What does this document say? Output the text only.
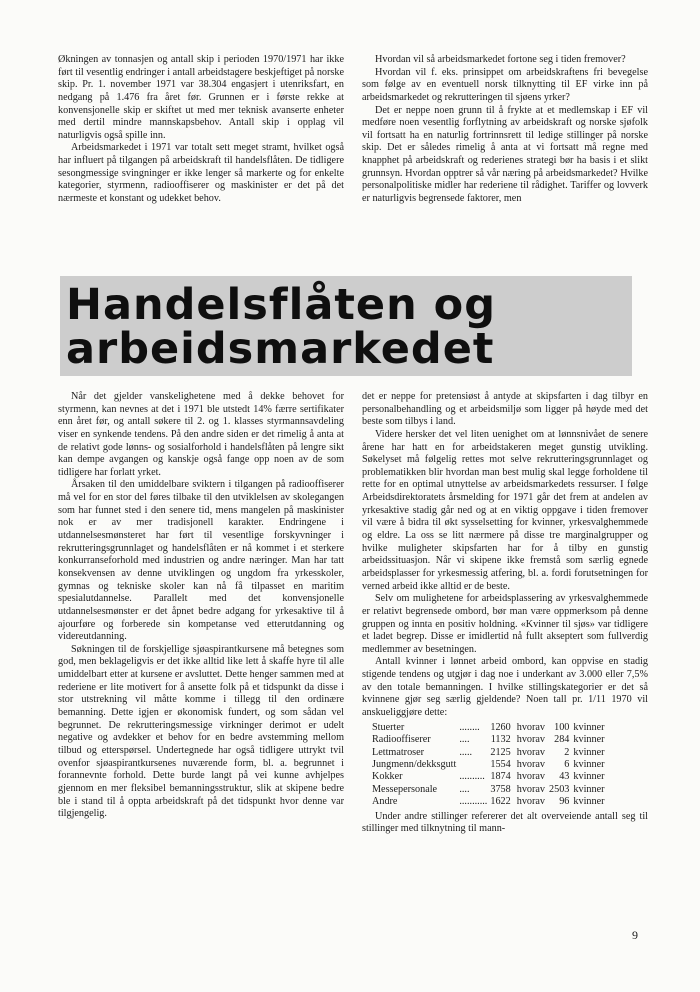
Økningen av tonnasjen og antall skip i perioden 1970/1971 har ikke ført til vesentlig endringer i antall arbeidstagere beskjeftiget på norske skip. Pr. 1. november 1971 var 38.304 engasjert i utenriksfart, en nedgang på 1.476 fra året før. Grunnen er i første rekke at konvensjonelle skip er skiftet ut med mer teknisk avanserte enheter med dertil mindre mannskapsbehov. Antall skip i opplag vil naturligvis også spille inn.

Arbeidsmarkedet i 1971 var totalt sett meget stramt, hvilket også har influert på tilgangen på arbeidskraft til handelsflåten. De tidligere sesongmessige svingninger er ikke lenger så markerte og for enkelte kategorier, styrmenn, radiooffiserer og maskinister er det på det nærmeste et konstant og udekket behov.

Hvordan vil så arbeidsmarkedet fortone seg i tiden fremover?

Hvordan vil f. eks. prinsippet om arbeidskraftens fri bevegelse som følge av en eventuell norsk tilknytting til EF virke inn på arbeidsmarkedet og rekrutteringen til sjøens yrker?

Det er neppe noen grunn til å frykte at et medlemskap i EF vil medføre noen vesentlig forflytning av arbeidskraft og norske sjøfolk vil fortsatt ha en naturlig fortrinnsrett til ledige stillinger på norske skip. Det er således rimelig å anta at vi fortsatt må regne med knapphet på arbeidskraft og rederienes strategi bør ha basis i et slikt grunnsyn. Hvordan opptrer så vår næring på arbeidsmarkedet? Hvilke personalpolitiske midler har rederiene til rådighet. Tariffer og lovverk er naturligvis begrensede faktorer, men

Handelsflåten og
arbeidsmarkedet

Når det gjelder vanskelighetene med å dekke behovet for styrmenn, kan nevnes at det i 1971 ble utstedt 14% færre sertifikater enn året før, og antall søkere til 2. og 1. klasses styrmannsavdeling viser en synkende tendens. På den andre siden er det rimelig å anta at de relativt gode lønns- og sosialforhold i handelsflåten på lengre sikt kan dempe avgangen og kanskje også fange opp noen av de som tidligere har forlatt yrket.

Årsaken til den umiddelbare sviktern i tilgangen på radiooffiserer må vel for en stor del føres tilbake til den utviklelsen av skolegangen som har funnet sted i den senere tid, mens mangelen på maskinister nok er av mer tradisjonell karakter. Endringene i utdannelsesmønsteret har ført til vesentlige forskyvninger i rekrutteringsgrunnlaget og handelsflåten er nå kommet i et sterkere konkurranseforhold med industrien og andre næringer. Man har tatt konsekvensen av denne utviklingen og ungdom fra yrkesskoler, gymnas og tekniske skoler kan nå få tilpasset en maritim spesialutdannelse. Parallelt med det konvensjonelle utdannelsesmønster er det åpnet bedre adgang for yrkesaktive til å ajourføre og forberede sin kompetanse ved etterutdanning og videreutdanning.

Søkningen til de forskjellige sjøaspirantkursene må betegnes som god, men beklageligvis er det ikke alltid like lett å skaffe hyre til alle umiddelbart etter at kursene er avsluttet. Dette henger sammen med at rederiene er lite motivert for å ansette folk på et tidspunkt da disse i stor utstrekning vil måtte komme i tillegg til den ordinære bemanning. Dette igjen er økonomisk fundert, og som sådan vel begrunnet. De rekrutteringsmessige virkninger derimot er udelt negative og avdekker et behov for en bedre avstemming mellom tilbud og etterspørsel. Undertegnede har også tidligere uttrykt tvil ovenfor sjøaspirantkursenes nuværende form, bl. a. begrunnet i forannevnte forhold. Dette burde langt på vei kunne avhjelpes gjennom en mer fleksibel bemanningsstruktur, slik at skipene bedre ble i stand til å oppta arbeidskraft på det tidspunkt hvor denne var tilgjengelig.

det er neppe for pretensiøst å antyde at skipsfarten i dag tilbyr en personalbehandling og et arbeidsmiljø som ligger på høyde med det beste som tilbys i land.

Videre hersker det vel liten uenighet om at lønnsnivået de senere årene har hatt en for arbeidstakeren meget gunstig utvikling. Søkelyset må følgelig rettes mot selve rekrutteringsgrunnlaget og problematikken blir hvordan man best mulig skal legge forholdene til rette for en optimal utnyttelse av arbeidsmarkedets ressurser. I følge Arbeidsdirektoratets årsmelding for 1971 går det frem at andelen av yrkesaktive stadig går ned og at en viktig oppgave i tiden fremover vil være å bidra til økt sysselsetting for kvinner, yrkesvalghemmede og eldre. La oss se litt nærmere på disse tre marginalgrupper og hvilke muligheter skipsfarten har for å tilby en gunstig arbeidssituasjon. Når vi skipene ikke fremstå som særlig egnede arbeidsplasser for yrkesmessig atfering, bl. a. fordi forutsetningen for verned arbeid ikke alltid er de beste.

Selv om mulighetene for arbeidsplassering av yrkesvalghemmede er relativt begrensede ombord, bør man være oppmerksom på denne gruppen og innta en positiv holdning. «Kvinner til sjøs» var tidligere et ladet begrep. Disse er imidlertid nå fullt akseptert som fullverdig medlemmer av besetningen.

Antall kvinner i lønnet arbeid ombord, kan oppvise en stadig stigende tendens og utgjør i dag noe i underkant av 3.000 eller 7,5% av den totale bemanningen. I hvilke stillingskategorier er det så kvinnene gjør seg særlig gjeldende? Noen tall pr. 1/11 1970 vil anskueliggjøre dette:

Stuerter	........	1260	hvorav	100	kvinner
Radiooffiserer	....	1132	hvorav	284	kvinner
Lettmatroser	.....	2125	hvorav	2	kvinner
Jungmenn/dekksgutt		1554	hvorav	6	kvinner
Kokker	..........	1874	hvorav	43	kvinner
Messepersonale	....	3758	hvorav	2503	kvinner
Andre	...........	1622	hvorav	96	kvinner

Under andre stillinger refererer det alt overveiende antall seg til stillinger med tilknytning til mann-

9
